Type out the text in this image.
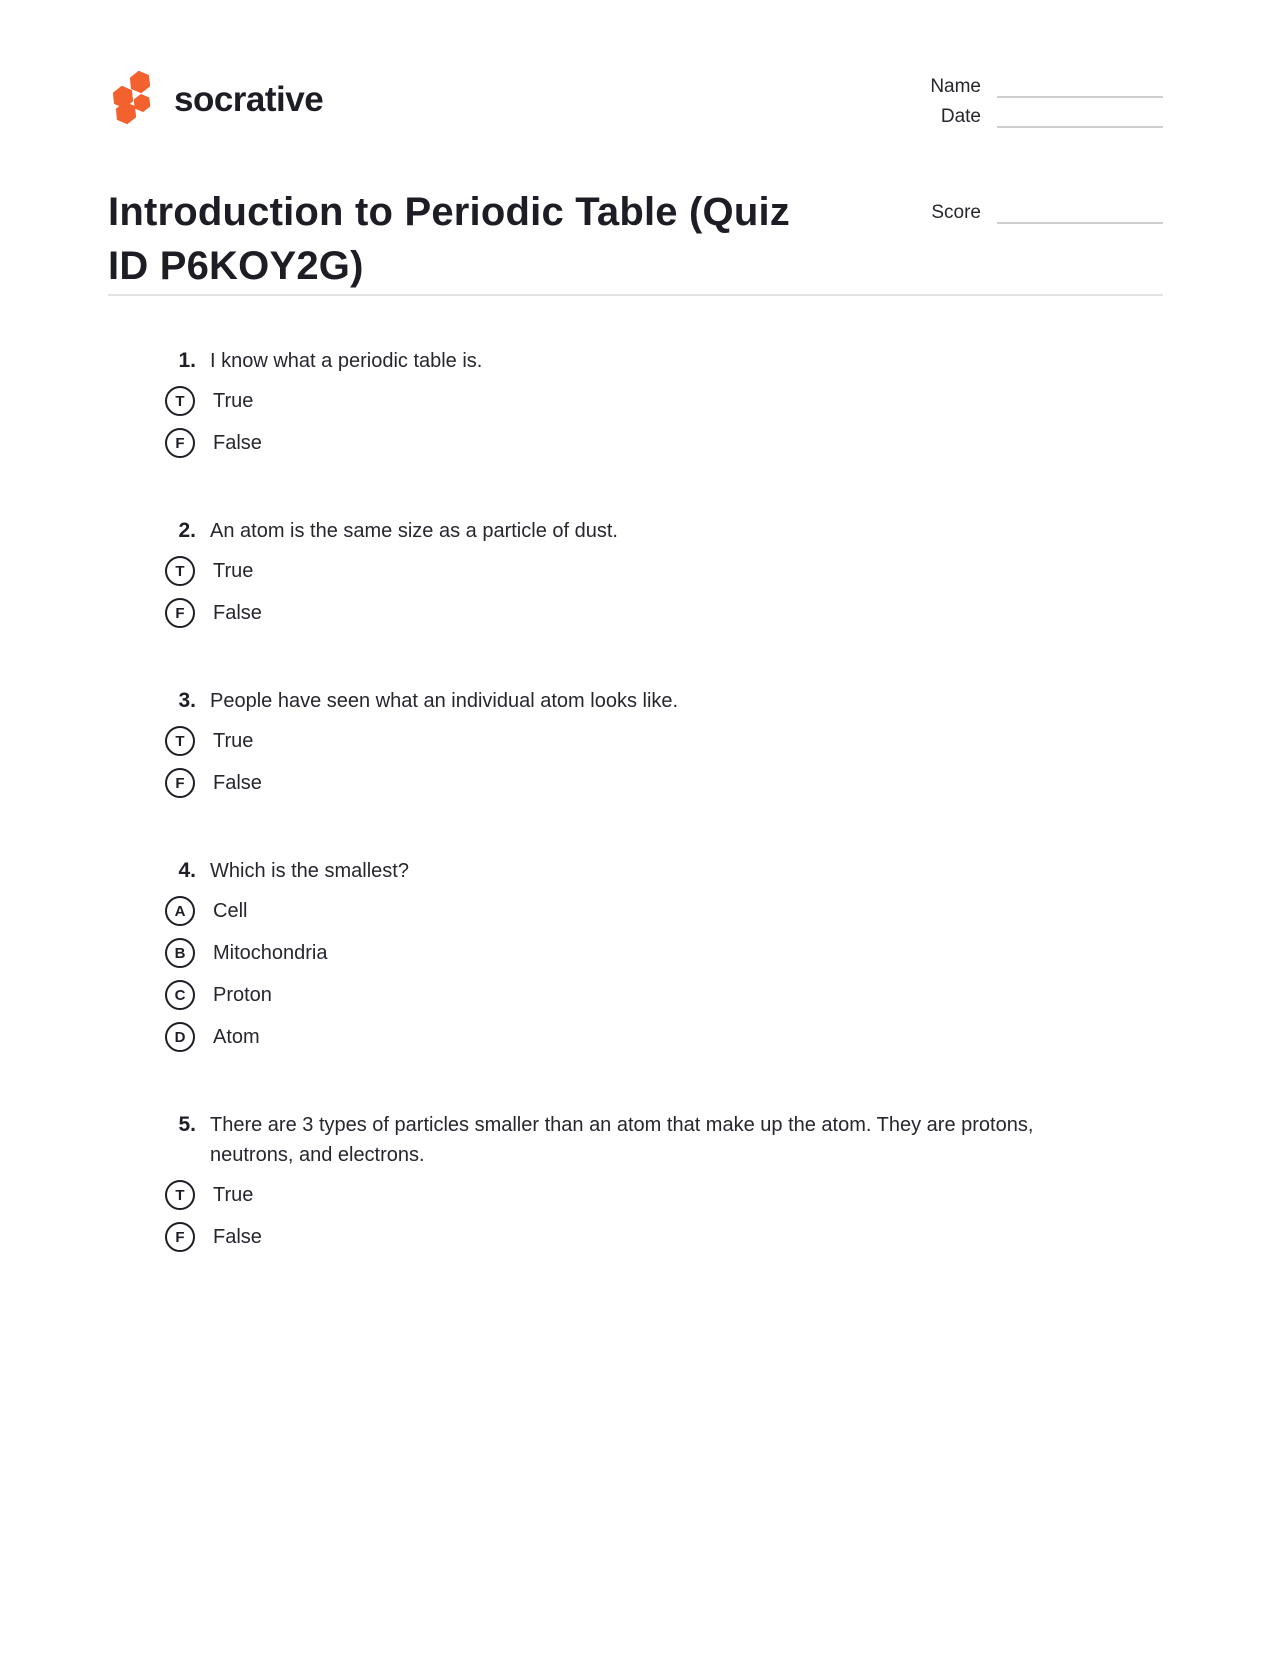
socrative	Name
Date
Score
Introduction to Periodic Table (Quiz ID P6KOY2G)
1. I know what a periodic table is.
T	True
F	False
2. An atom is the same size as a particle of dust.
T	True
F	False
3. People have seen what an individual atom looks like.
T	True
F	False
4. Which is the smallest?
A	Cell
B	Mitochondria
C	Proton
D	Atom
5. There are 3 types of particles smaller than an atom that make up the atom. They are protons, neutrons, and electrons.
T	True
F	False
